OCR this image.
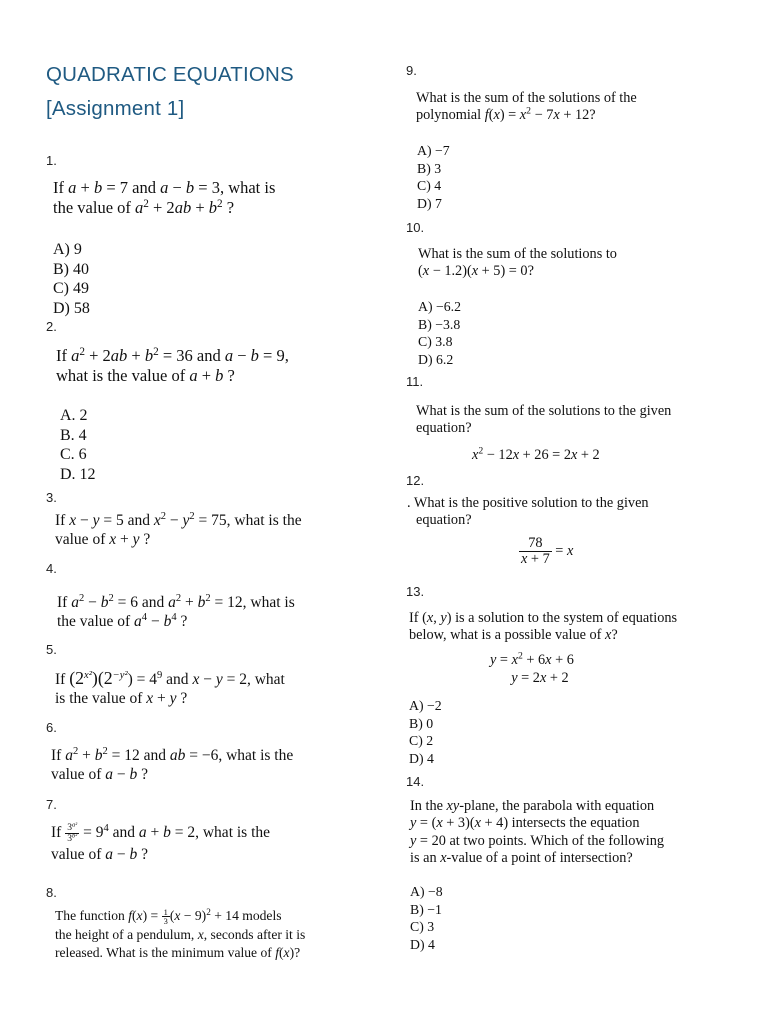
QUADRATIC EQUATIONS
[Assignment 1]
1.
If a + b = 7 and a − b = 3, what is
the value of $a^2 + 2ab + b^2$ ?
A) 9
B) 40
C) 49
D) 58
2.
If $a^2 + 2ab + b^2 = 36$ and a − b = 9,
what is the value of a + b ?
A. 2
B. 4
C. 6
D. 12
3.
If x − y = 5 and $x^2 - y^2 = 75$, what is the
value of x + y ?
4.
If $a^2 - b^2 = 6$ and $a^2 + b^2 = 12$, what is
the value of $a^4 - b^4$ ?
5.
If $(2^{x^2})(2^{-y^2}) = 4^9$ and x − y = 2, what
is the value of x + y ?
6.
If $a^2 + b^2 = 12$ and ab = −6, what is the
value of a − b ?
7.
If $\frac{3^{a^2}}{3^{b^2}} = 9^4$ and a + b = 2, what is the
value of a − b ?
8.
The function $f(x) = \frac{1}{3} (x - 9)^2 + 14$ models
the height of a pendulum, x, seconds after it is
released. What is the minimum value of f(x)?
9.
What is the sum of the solutions of the
polynomial $f(x) = x^2 - 7x + 12$?
A) −7
B) 3
C) 4
D) 7
10.
What is the sum of the solutions to
(x − 1.2)(x + 5) = 0?
A) −6.2
B) −3.8
C) 3.8
D) 6.2
11.
What is the sum of the solutions to the given
equation?
$x^2 - 12x + 26 = 2x + 2$
12.
. What is the positive solution to the given
equation?
$\frac{78}{x + 7} = x$
13.
If (x, y) is a solution to the system of equations
below, what is a possible value of x?
$y = x^2 + 6x + 6$
y = 2x + 2
A) −2
B) 0
C) 2
D) 4
14.
In the xy-plane, the parabola with equation
y = (x + 3)(x + 4) intersects the equation
y = 20 at two points. Which of the following
is an x-value of a point of intersection?
A) −8
B) −1
C) 3
D) 4
